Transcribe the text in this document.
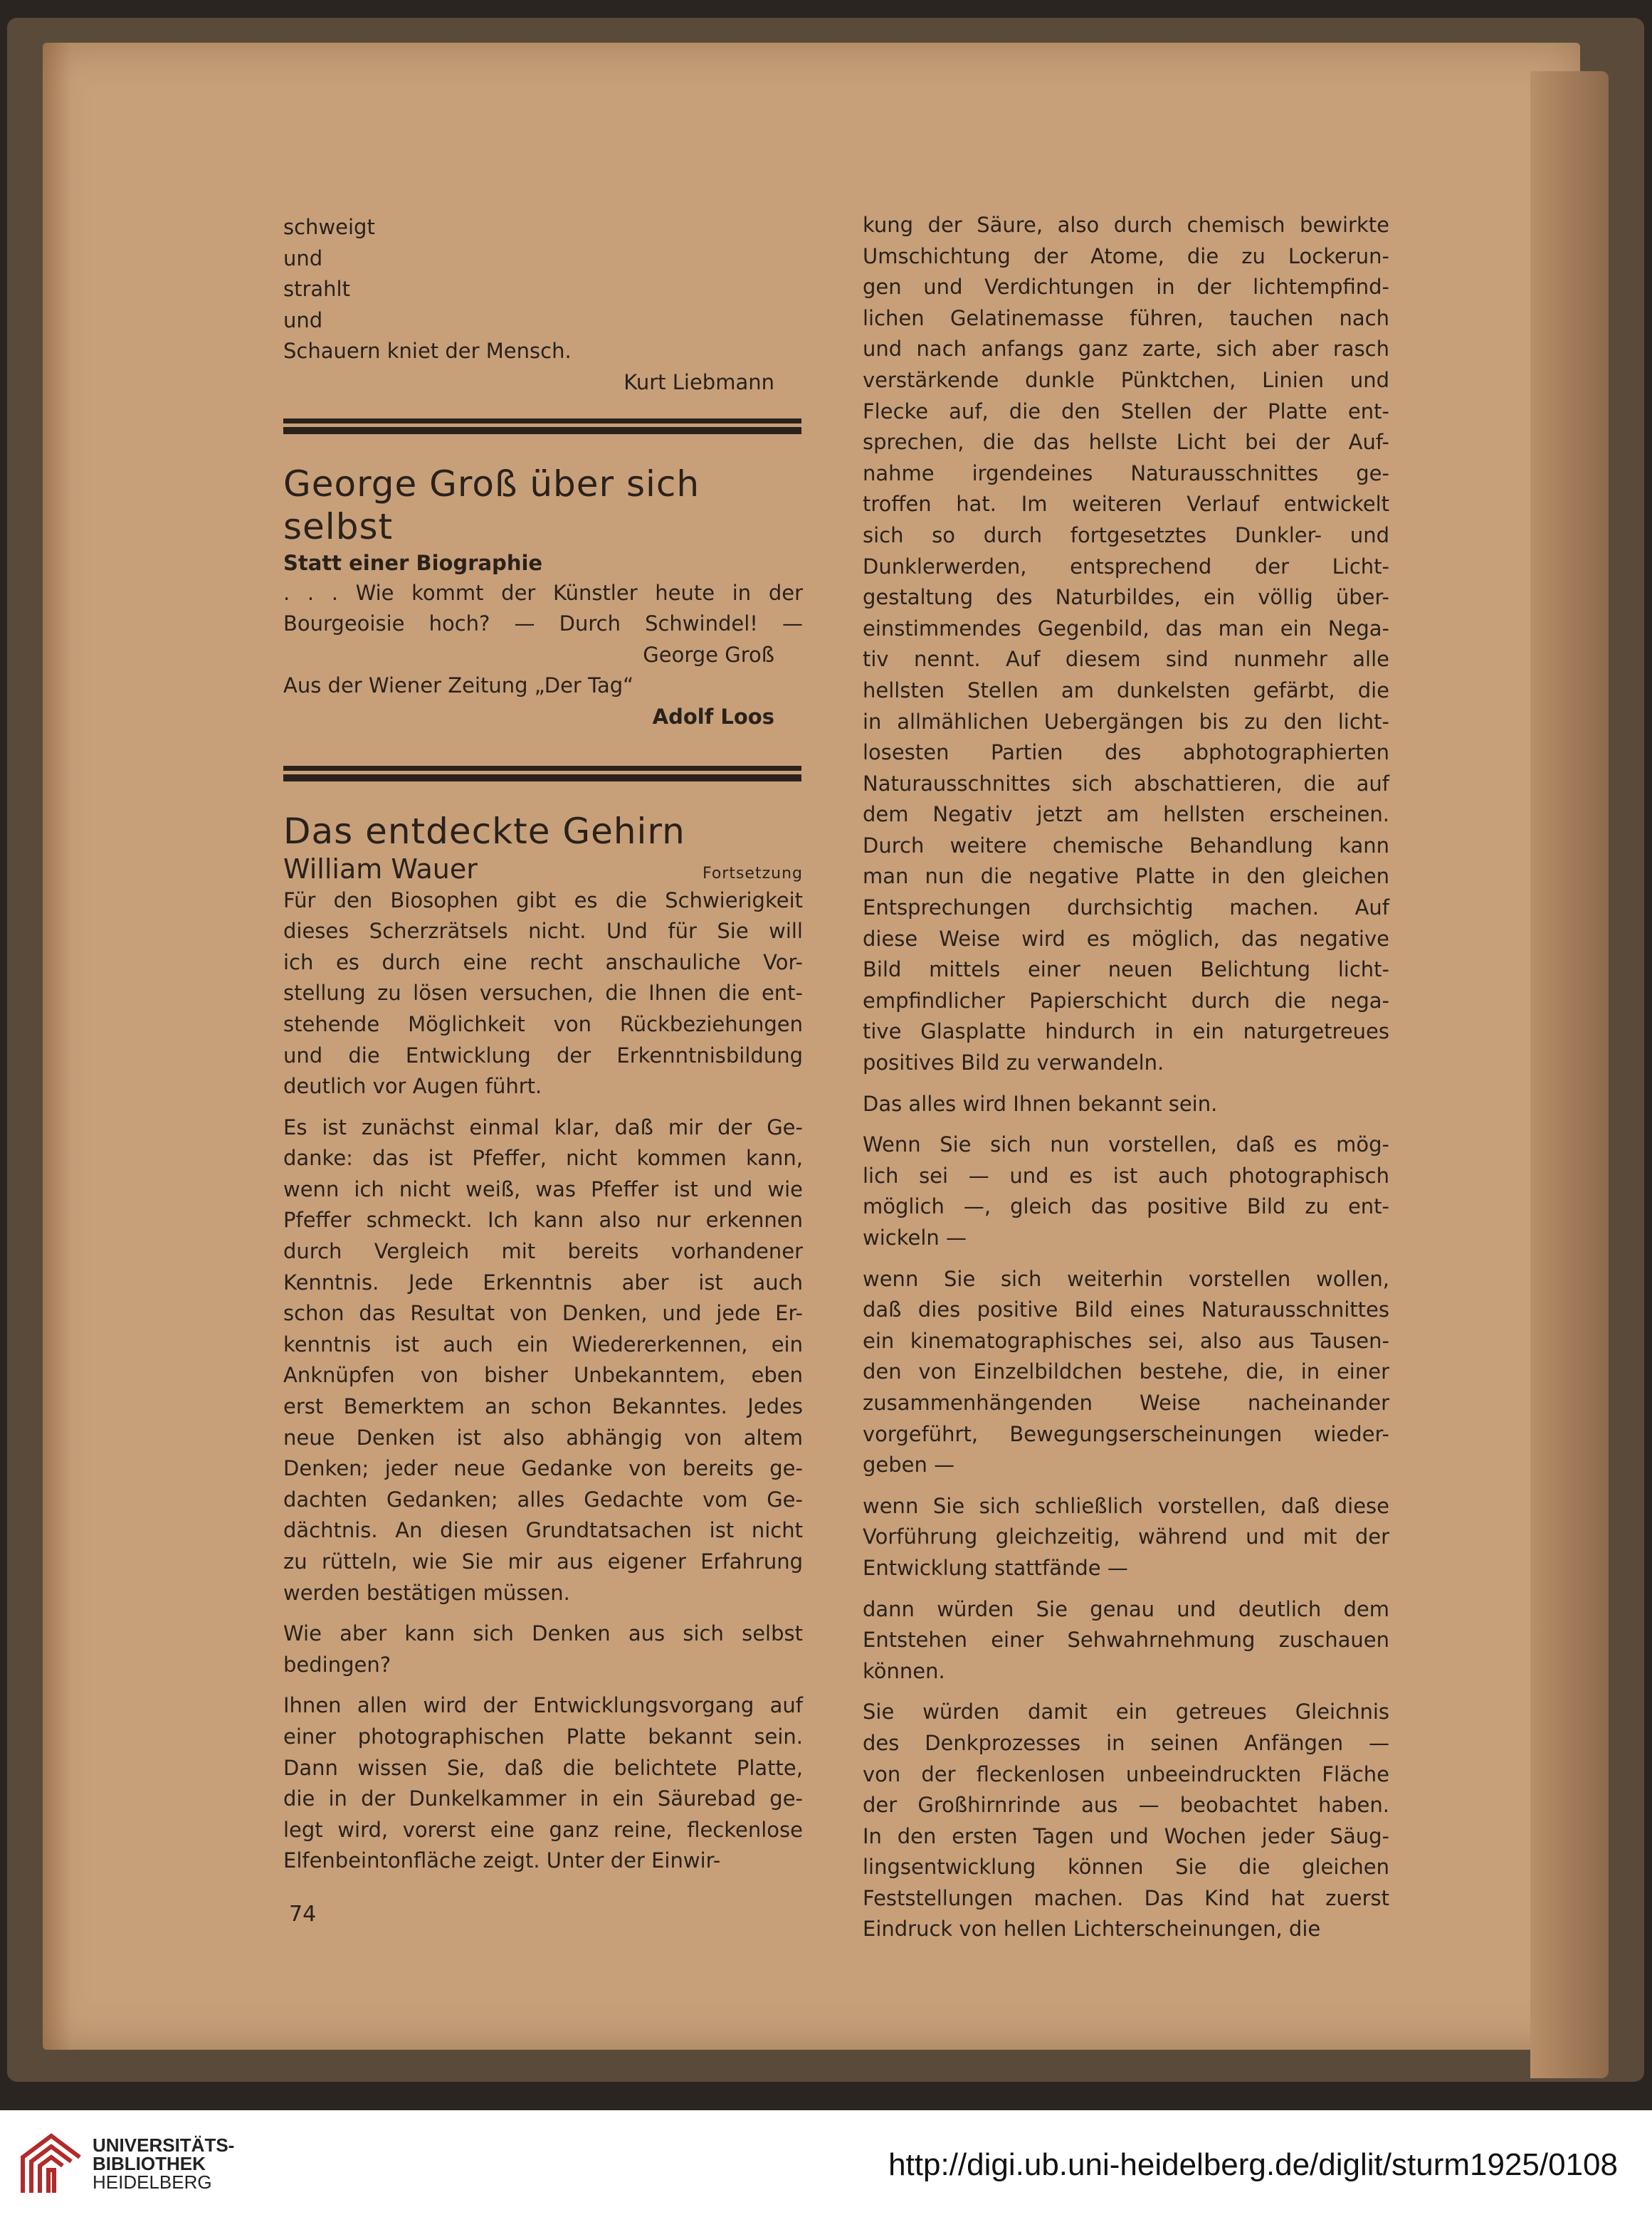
schweigt
und
strahlt
und
Schauern kniet der Mensch.
Kurt Liebmann
George Groß über sich selbst
Statt einer Biographie
. . . Wie kommt der Künstler heute in der
Bourgeoisie hoch? — Durch Schwindel! —
George Groß
Aus der Wiener Zeitung „Der Tag“
Adolf Loos
Das entdeckte Gehirn
William Wauer	Fortsetzung
Für den Biosophen gibt es die Schwierigkeit
dieses Scherzrätsels nicht. Und für Sie will
ich es durch eine recht anschauliche Vor-
stellung zu lösen versuchen, die Ihnen die ent-
stehende Möglichkeit von Rückbeziehungen
und die Entwicklung der Erkenntnisbildung
deutlich vor Augen führt.
Es ist zunächst einmal klar, daß mir der Ge-
danke: das ist Pfeffer, nicht kommen kann,
wenn ich nicht weiß, was Pfeffer ist und wie
Pfeffer schmeckt. Ich kann also nur erkennen
durch Vergleich mit bereits vorhandener
Kenntnis. Jede Erkenntnis aber ist auch
schon das Resultat von Denken, und jede Er-
kenntnis ist auch ein Wiedererkennen, ein
Anknüpfen von bisher Unbekanntem, eben
erst Bemerktem an schon Bekanntes. Jedes
neue Denken ist also abhängig von altem
Denken; jeder neue Gedanke von bereits ge-
dachten Gedanken; alles Gedachte vom Ge-
dächtnis. An diesen Grundtatsachen ist nicht
zu rütteln, wie Sie mir aus eigener Erfahrung
werden bestätigen müssen.
Wie aber kann sich Denken aus sich selbst
bedingen?
Ihnen allen wird der Entwicklungsvorgang auf
einer photographischen Platte bekannt sein.
Dann wissen Sie, daß die belichtete Platte,
die in der Dunkelkammer in ein Säurebad ge-
legt wird, vorerst eine ganz reine, fleckenlose
Elfenbeintonfläche zeigt. Unter der Einwir-
kung der Säure, also durch chemisch bewirkte
Umschichtung der Atome, die zu Lockerun-
gen und Verdichtungen in der lichtempfind-
lichen Gelatinemasse führen, tauchen nach
und nach anfangs ganz zarte, sich aber rasch
verstärkende dunkle Pünktchen, Linien und
Flecke auf, die den Stellen der Platte ent-
sprechen, die das hellste Licht bei der Auf-
nahme irgendeines Naturausschnittes ge-
troffen hat. Im weiteren Verlauf entwickelt
sich so durch fortgesetztes Dunkler- und
Dunklerwerden, entsprechend der Licht-
gestaltung des Naturbildes, ein völlig über-
einstimmendes Gegenbild, das man ein Nega-
tiv nennt. Auf diesem sind nunmehr alle
hellsten Stellen am dunkelsten gefärbt, die
in allmählichen Uebergängen bis zu den licht-
losesten Partien des abphotographierten
Naturausschnittes sich abschattieren, die auf
dem Negativ jetzt am hellsten erscheinen.
Durch weitere chemische Behandlung kann
man nun die negative Platte in den gleichen
Entsprechungen durchsichtig machen. Auf
diese Weise wird es möglich, das negative
Bild mittels einer neuen Belichtung licht-
empfindlicher Papierschicht durch die nega-
tive Glasplatte hindurch in ein naturgetreues
positives Bild zu verwandeln.
Das alles wird Ihnen bekannt sein.
Wenn Sie sich nun vorstellen, daß es mög-
lich sei — und es ist auch photographisch
möglich —, gleich das positive Bild zu ent-
wickeln —
wenn Sie sich weiterhin vorstellen wollen,
daß dies positive Bild eines Naturausschnittes
ein kinematographisches sei, also aus Tausen-
den von Einzelbildchen bestehe, die, in einer
zusammenhängenden Weise nacheinander
vorgeführt, Bewegungserscheinungen wieder-
geben —
wenn Sie sich schließlich vorstellen, daß diese
Vorführung gleichzeitig, während und mit der
Entwicklung stattfände —
dann würden Sie genau und deutlich dem
Entstehen einer Sehwahrnehmung zuschauen
können.
Sie würden damit ein getreues Gleichnis
des Denkprozesses in seinen Anfängen —
von der fleckenlosen unbeeindruckten Fläche
der Großhirnrinde aus — beobachtet haben.
In den ersten Tagen und Wochen jeder Säug-
lingsentwicklung können Sie die gleichen
Feststellungen machen. Das Kind hat zuerst
Eindruck von hellen Lichterscheinungen, die
74
UNIVERSITÄTS-
BIBLIOTHEK
HEIDELBERG	http://digi.ub.uni-heidelberg.de/diglit/sturm1925/0108
